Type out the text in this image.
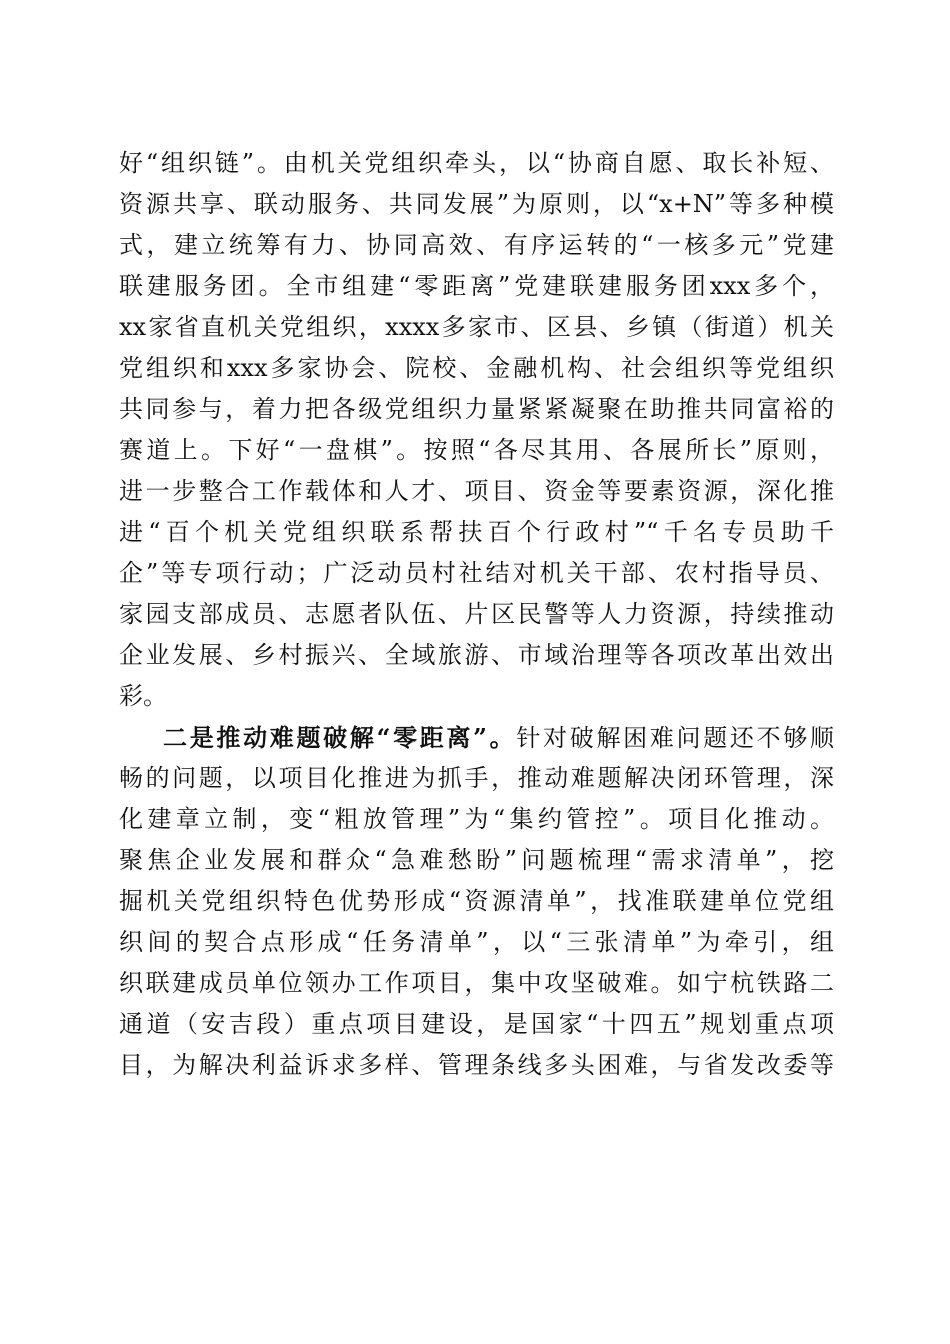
好“组织链”。由机关党组织牵头，以“协商自愿、取长补短、
资源共享、联动服务、共同发展”为原则，以“x+N”等多种模
式，建立统筹有力、协同高效、有序运转的“一核多元”党建
联建服务团。全市组建“零距离”党建联建服务团xxx多个，
xx家省直机关党组织，xxxx多家市、区县、乡镇（街道）机关
党组织和xxx多家协会、院校、金融机构、社会组织等党组织
共同参与，着力把各级党组织力量紧紧凝聚在助推共同富裕的
赛道上。下好“一盘棋”。按照“各尽其用、各展所长”原则，
进一步整合工作载体和人才、项目、资金等要素资源，深化推
进“百个机关党组织联系帮扶百个行政村”“千名专员助千
企”等专项行动；广泛动员村社结对机关干部、农村指导员、
家园支部成员、志愿者队伍、片区民警等人力资源，持续推动
企业发展、乡村振兴、全域旅游、市域治理等各项改革出效出
彩。
二是推动难题破解“零距离”。针对破解困难问题还不够顺
畅的问题，以项目化推进为抓手，推动难题解决闭环管理，深
化建章立制，变“粗放管理”为“集约管控”。项目化推动。
聚焦企业发展和群众“急难愁盼”问题梳理“需求清单”，挖
掘机关党组织特色优势形成“资源清单”，找准联建单位党组
织间的契合点形成“任务清单”，以“三张清单”为牵引，组
织联建成员单位领办工作项目，集中攻坚破难。如宁杭铁路二
通道（安吉段）重点项目建设，是国家“十四五”规划重点项
目，为解决利益诉求多样、管理条线多头困难，与省发改委等
